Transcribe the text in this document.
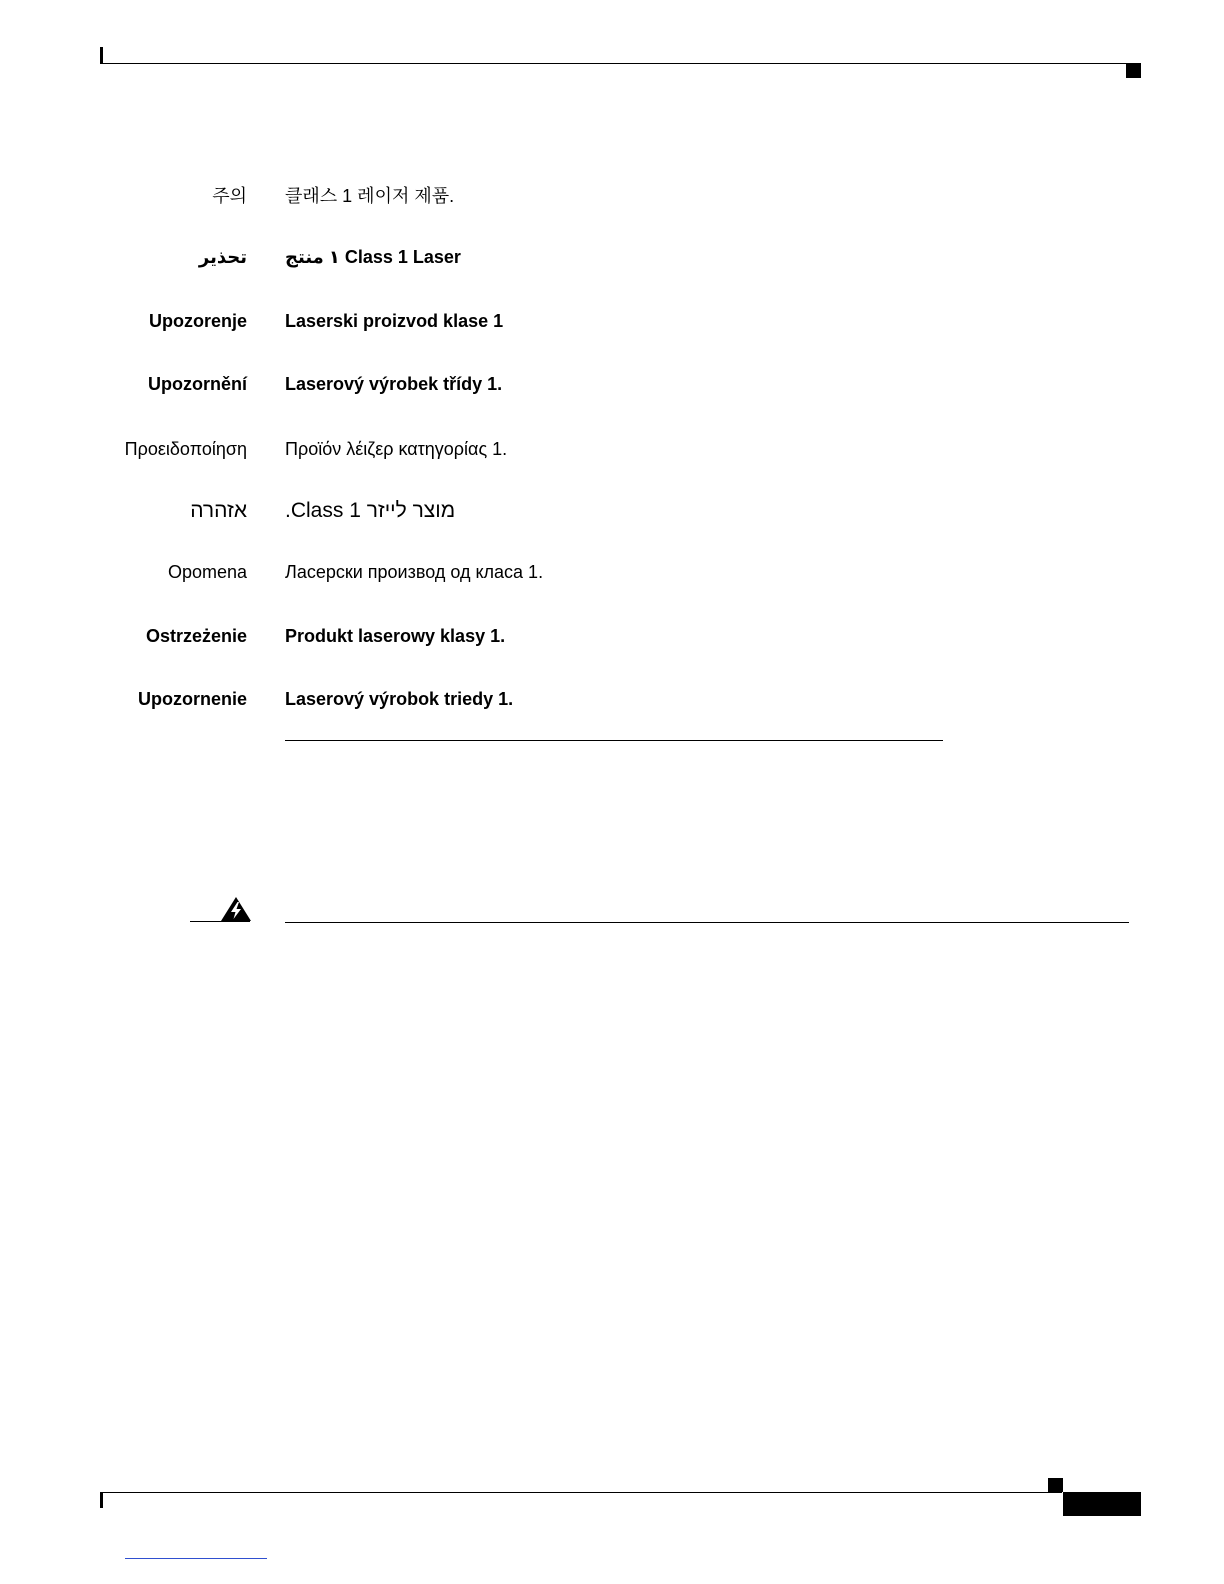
주의 클래스 1 레이저 제품.
تحذير Class 1 Laser ١ منتج
Upozorenje Laserski proizvod klase 1
Upozornění Laserový výrobek třídy 1.
Προειδοποίηση Προϊόν λέιζερ κατηγορίας 1.
אזהרה מוצר לייזר Class 1.
Opomena Ласерски производ од класа 1.
Ostrzeżenie Produkt laserowy klasy 1.
Upozornenie Laserový výrobok triedy 1.
